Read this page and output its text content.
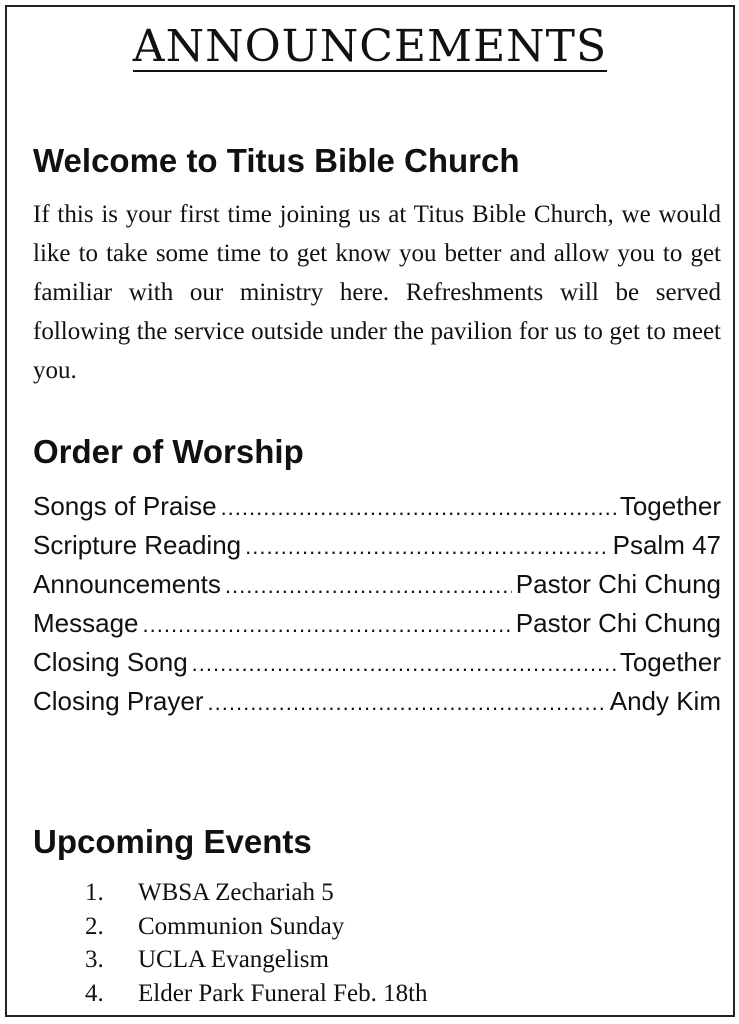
ANNOUNCEMENTS
Welcome to Titus Bible Church

If this is your first time joining us at Titus Bible Church, we would like to take some time to get know you better and allow you to get familiar with our ministry here. Refreshments will be served following the service outside under the pavilion for us to get to meet you.

Order of Worship
Songs of Praise .....	Together
Scripture Reading .....	Psalm 47
Announcements .....	Pastor Chi Chung
Message .....	Pastor Chi Chung
Closing Song .....	Together
Closing Prayer .....	Andy Kim
Upcoming Events
1.	WBSA Zechariah 5
2.	Communion Sunday
3.	UCLA Evangelism
4.	Elder Park Funeral Feb. 18th
